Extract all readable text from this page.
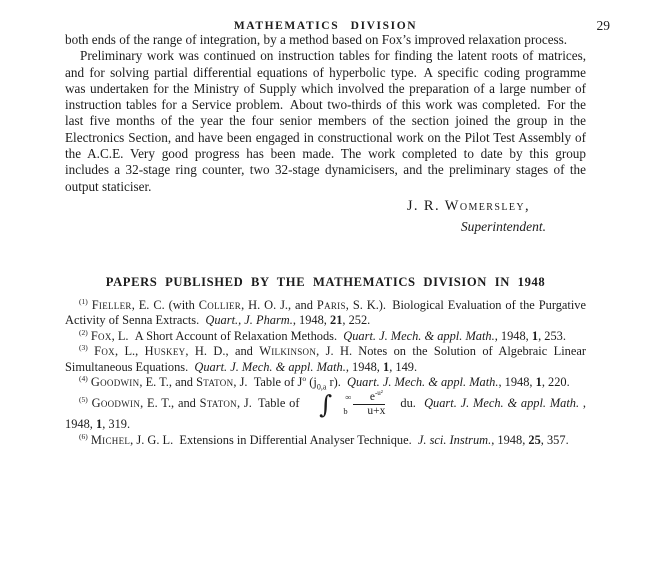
MATHEMATICS DIVISION	29

both ends of the range of integration, by a method based on Fox’s improved relaxation process.

Preliminary work was continued on instruction tables for finding the latent roots of matrices, and for solving partial differential equations of hyperbolic type. A specific coding programme was undertaken for the Ministry of Supply which involved the preparation of a large number of instruction tables for a Service problem. About two-thirds of this work was completed. For the last five months of the year the four senior members of the section joined the group in the Electronics Section, and have been engaged in constructional work on the Pilot Test Assembly of the A.C.E. Very good progress has been made. The work completed to date by this group includes a 32-stage ring counter, two 32-stage dynamicisers, and the preliminary stages of the output staticiser.

J. R. Womersley,
Superintendent.
PAPERS PUBLISHED BY THE MATHEMATICS DIVISION IN 1948

$^{(1)}$ Fieller, E. C. (with Collier, H. O. J., and Paris, S. K.). Biological Evaluation of the Purgative Activity of Senna Extracts. Quart., J. Pharm., 1948, 21, 252.

$^{(2)}$ Fox, L. A Short Account of Relaxation Methods. Quart. J. Mech. & appl. Math., 1948, 1, 253.

$^{(3)}$ Fox, L., Huskey, H. D., and Wilkinson, J. H. Notes on the Solution of Algebraic Linear Simultaneous Equations. Quart. J. Mech. & appl. Math., 1948, 1, 149.

$^{(4)}$ Goodwin, E. T., and Staton, J. Table of $J^o$ ($j_{0,a}$ r). Quart. J. Mech. & appl. Math., 1948, 1, 220.

$^{(5)}$ Goodwin, E. T., and Staton, J. Table of ∫	∞
b $\frac{e^{-u^2}}{u+x}$	du.
  Quart. J. Mech. & appl. Math. , 1948, 1, 319.

$^{(6)}$ Michel, J. G. L. Extensions in Differential Analyser Technique. J. sci. Instrum., 1948, 25, 357.
